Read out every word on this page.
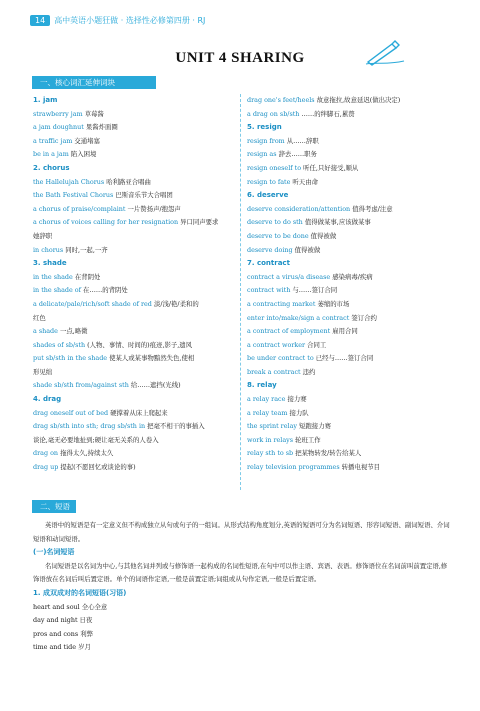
14	高中英语小题狂做 · 选择性必修第四册 · RJ
UNIT 4 SHARING
一、核心词汇延伸词块
1. jam
strawberry jam 草莓酱
a jam doughnut 果酱炸面圈
a traffic jam 交通堵塞
be in a jam 陷入困境
2. chorus
the Hallelujah Chorus 哈利路亚合唱曲
the Bath Festival Chorus 巴斯音乐节大合唱团
a chorus of praise/complaint 一片赞扬声/抱怨声
a chorus of voices calling for her resignation 异口同声要求
她辞职
in chorus 同时,一起,一齐
3. shade
in the shade 在背阴处
in the shade of 在……的背阴处
a delicate/pale/rich/soft shade of red 淡/浅/艳/柔和的
红色
a shade 一点,略微
shades of sb/sth (人物、事情、时间的)痕迹,影子,遗风
put sb/sth in the shade 使某人或某事物黯然失色,使相
形见绌
shade sb/sth from/against sth 给……遮挡(光线)
4. drag
drag oneself out of bed 硬撑着从床上爬起来
drag sb/sth into sth; drag sb/sth in 把毫不相干的事插入
谈论,毫无必要地扯到;硬让毫无关系的人卷入
drag on 拖得太久,持续太久
drag up 提起(不愿回忆或谈论的事)
drag one's feet/heels 故意拖拉,故意延迟(做出决定)
a drag on sb/sth ……的绊脚石,累赘
5. resign
resign from 从……辞职
resign as 辞去……职务
resign oneself to 听任,只好接受,顺从
resign to fate 听天由命
6. deserve
deserve consideration/attention 值得考虑/注意
deserve to do sth 值得做某事,应该做某事
deserve to be done 值得被做
deserve doing 值得被做
7. contract
contract a virus/a disease 感染病毒/疾病
contract with 与……签订合同
a contracting market 萎缩的市场
enter into/make/sign a contract 签订合约
a contract of employment 雇用合同
a contract worker 合同工
be under contract to 已经与……签订合同
break a contract 违约
8. relay
a relay race 接力赛
a relay team 接力队
the sprint relay 短跑接力赛
work in relays 轮班工作
relay sth to sb 把某物转发/转告给某人
relay television programmes 转播电视节目
二、短语

英语中的短语是有一定意义但不构成独立从句或句子的一组词。从形式结构角度划分,英语的短语可分为名词短语、形容词短语、副词短语、介词短语和动词短语。

(一)名词短语

名词短语是以名词为中心,与其他名词并列或与修饰语一起构成的名词性短语,在句中可以作主语、宾语、表语。修饰语位在名词前叫前置定语,修饰语放在名词后叫后置定语。单个的词语作定语,一般是前置定语;词组或从句作定语,一般是后置定语。

1. 成双成对的名词短语(习语)

heart and soul 全心全意
day and night 日夜
pros and cons 利弊
time and tide 岁月
